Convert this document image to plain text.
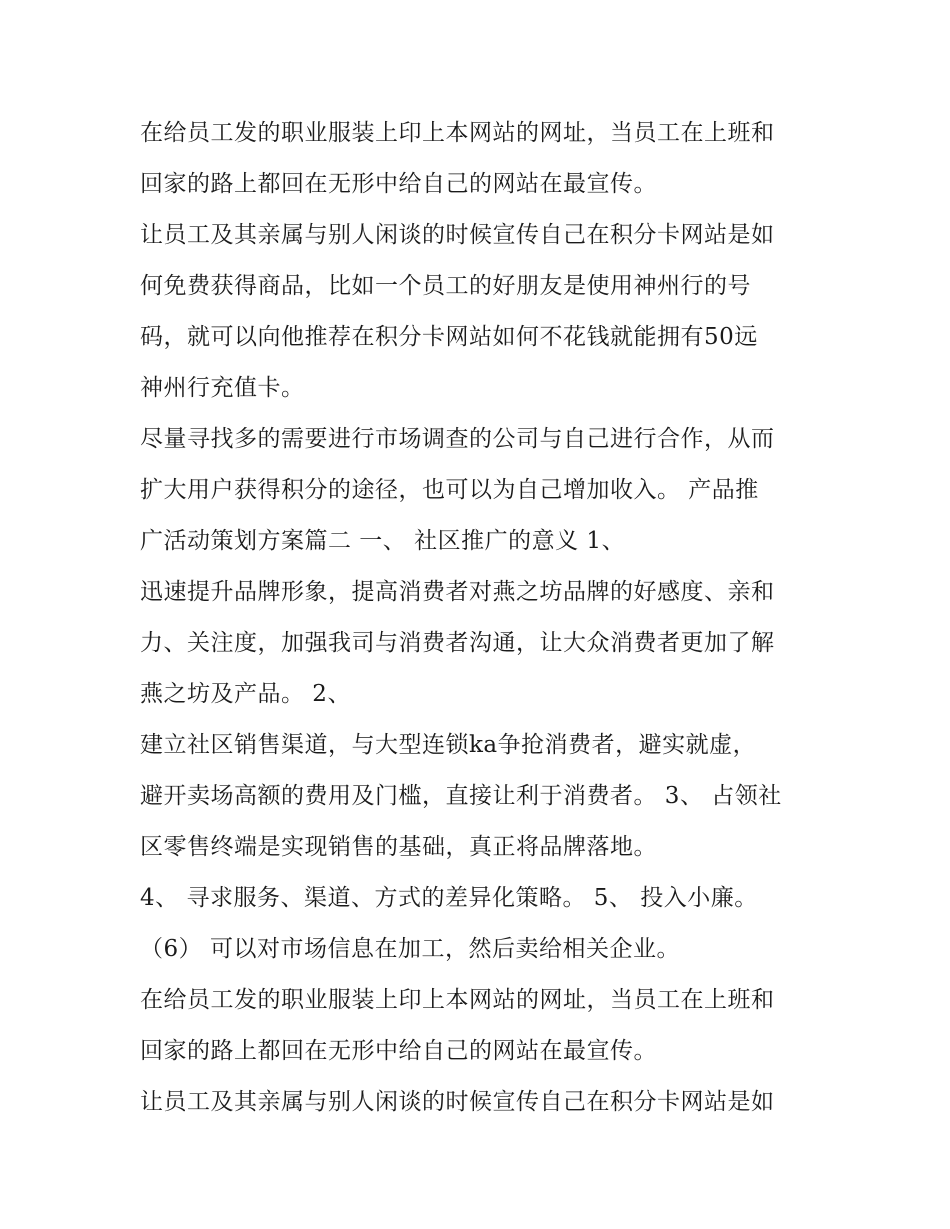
在给员工发的职业服装上印上本网站的网址，当员工在上班和
回家的路上都回在无形中给自己的网站在最宣传。
让员工及其亲属与别人闲谈的时候宣传自己在积分卡网站是如
何免费获得商品，比如一个员工的好朋友是使用神州行的号
码，就可以向他推荐在积分卡网站如何不花钱就能拥有50远
神州行充值卡。
尽量寻找多的需要进行市场调查的公司与自己进行合作，从而
扩大用户获得积分的途径，也可以为自己增加收入。 产品推
广活动策划方案篇二 一、 社区推广的意义 1、
迅速提升品牌形象，提高消费者对燕之坊品牌的好感度、亲和
力、关注度，加强我司与消费者沟通，让大众消费者更加了解
燕之坊及产品。 2、
建立社区销售渠道，与大型连锁ka争抢消费者，避实就虚，
避开卖场高额的费用及门槛，直接让利于消费者。 3、 占领社
区零售终端是实现销售的基础，真正将品牌落地。
4、 寻求服务、渠道、方式的差异化策略。 5、 投入小廉。
（6） 可以对市场信息在加工，然后卖给相关企业。
在给员工发的职业服装上印上本网站的网址，当员工在上班和
回家的路上都回在无形中给自己的网站在最宣传。
让员工及其亲属与别人闲谈的时候宣传自己在积分卡网站是如
